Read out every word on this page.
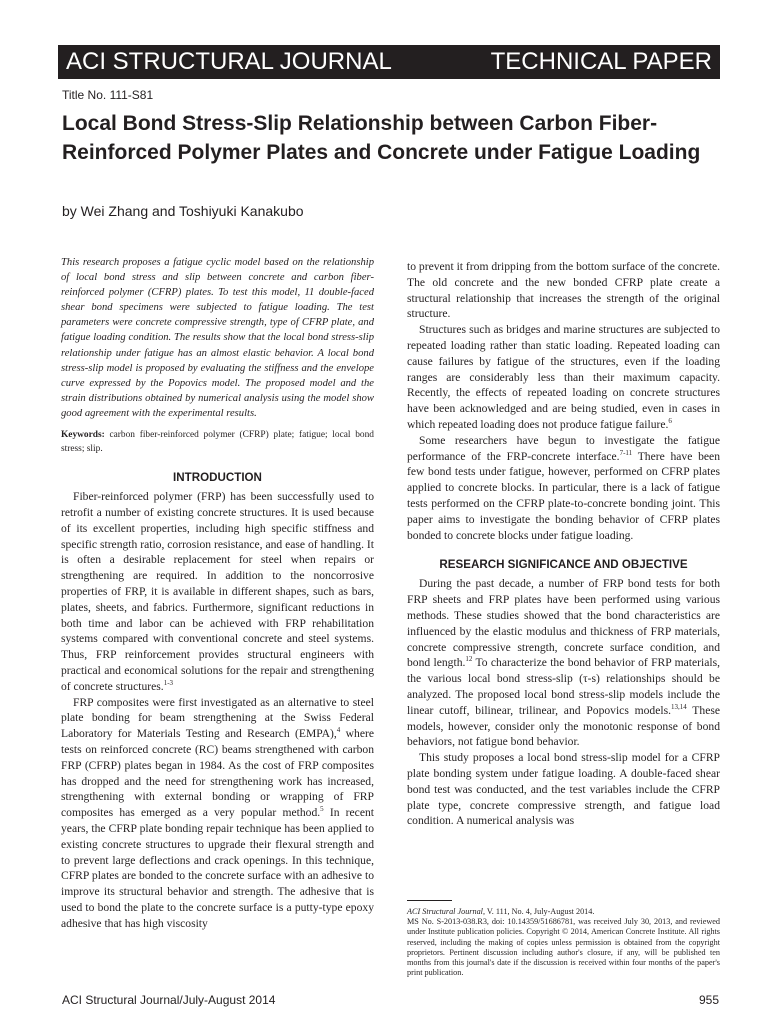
ACI STRUCTURAL JOURNAL	TECHNICAL PAPER
Title No. 111-S81
Local Bond Stress-Slip Relationship between Carbon Fiber-Reinforced Polymer Plates and Concrete under Fatigue Loading
by Wei Zhang and Toshiyuki Kanakubo

This research proposes a fatigue cyclic model based on the relationship of local bond stress and slip between concrete and carbon fiber-reinforced polymer (CFRP) plates. To test this model, 11 double-faced shear bond specimens were subjected to fatigue loading. The test parameters were concrete compressive strength, type of CFRP plate, and fatigue loading condition. The results show that the local bond stress-slip relationship under fatigue has an almost elastic behavior. A local bond stress-slip model is proposed by evaluating the stiffness and the envelope curve expressed by the Popovics model. The proposed model and the strain distributions obtained by numerical analysis using the model show good agreement with the experimental results.

Keywords: carbon fiber-reinforced polymer (CFRP) plate; fatigue; local bond stress; slip.

INTRODUCTION

Fiber-reinforced polymer (FRP) has been successfully used to retrofit a number of existing concrete structures. It is used because of its excellent properties, including high specific stiffness and specific strength ratio, corrosion resistance, and ease of handling. It is often a desirable replacement for steel when repairs or strengthening are required. In addition to the noncorrosive properties of FRP, it is available in different shapes, such as bars, plates, sheets, and fabrics. Furthermore, significant reductions in both time and labor can be achieved with FRP rehabilitation systems compared with conventional concrete and steel systems. Thus, FRP reinforcement provides structural engineers with practical and economical solutions for the repair and strengthening of concrete structures.$^{1-3}$

FRP composites were first investigated as an alternative to steel plate bonding for beam strengthening at the Swiss Federal Laboratory for Materials Testing and Research (EMPA),$^4$ where tests on reinforced concrete (RC) beams strengthened with carbon FRP (CFRP) plates began in 1984. As the cost of FRP composites has dropped and the need for strengthening work has increased, strengthening with external bonding or wrapping of FRP composites has emerged as a very popular method.$^5$ In recent years, the CFRP plate bonding repair technique has been applied to existing concrete structures to upgrade their flexural strength and to prevent large deflections and crack openings. In this technique, CFRP plates are bonded to the concrete surface with an adhesive to improve its structural behavior and strength. The adhesive that is used to bond the plate to the concrete surface is a putty-type epoxy adhesive that has high viscosity

to prevent it from dripping from the bottom surface of the concrete. The old concrete and the new bonded CFRP plate create a structural relationship that increases the strength of the original structure.

Structures such as bridges and marine structures are subjected to repeated loading rather than static loading. Repeated loading can cause failures by fatigue of the structures, even if the loading ranges are considerably less than their maximum capacity. Recently, the effects of repeated loading on concrete structures have been acknowledged and are being studied, even in cases in which repeated loading does not produce fatigue failure.$^6$

Some researchers have begun to investigate the fatigue performance of the FRP-concrete interface.$^{7-11}$ There have been few bond tests under fatigue, however, performed on CFRP plates applied to concrete blocks. In particular, there is a lack of fatigue tests performed on the CFRP plate-to-concrete bonding joint. This paper aims to investigate the bonding behavior of CFRP plates bonded to concrete blocks under fatigue loading.

RESEARCH SIGNIFICANCE AND OBJECTIVE

During the past decade, a number of FRP bond tests for both FRP sheets and FRP plates have been performed using various methods. These studies showed that the bond characteristics are influenced by the elastic modulus and thickness of FRP materials, concrete compressive strength, concrete surface condition, and bond length.$^{12}$ To characterize the bond behavior of FRP materials, the various local bond stress-slip (τ-s) relationships should be analyzed. The proposed local bond stress-slip models include the linear cutoff, bilinear, trilinear, and Popovics models.$^{13,14}$ These models, however, consider only the monotonic response of bond behaviors, not fatigue bond behavior.

This study proposes a local bond stress-slip model for a CFRP plate bonding system under fatigue loading. A double-faced shear bond test was conducted, and the test variables include the CFRP plate type, concrete compressive strength, and fatigue load condition. A numerical analysis was

ACI Structural Journal, V. 111, No. 4, July-August 2014.

MS No. S-2013-038.R3, doi: 10.14359/51686781, was received July 30, 2013, and reviewed under Institute publication policies. Copyright © 2014, American Concrete Institute. All rights reserved, including the making of copies unless permission is obtained from the copyright proprietors. Pertinent discussion including author's closure, if any, will be published ten months from this journal's date if the discussion is received within four months of the paper's print publication.

ACI Structural Journal/July-August 2014	955
